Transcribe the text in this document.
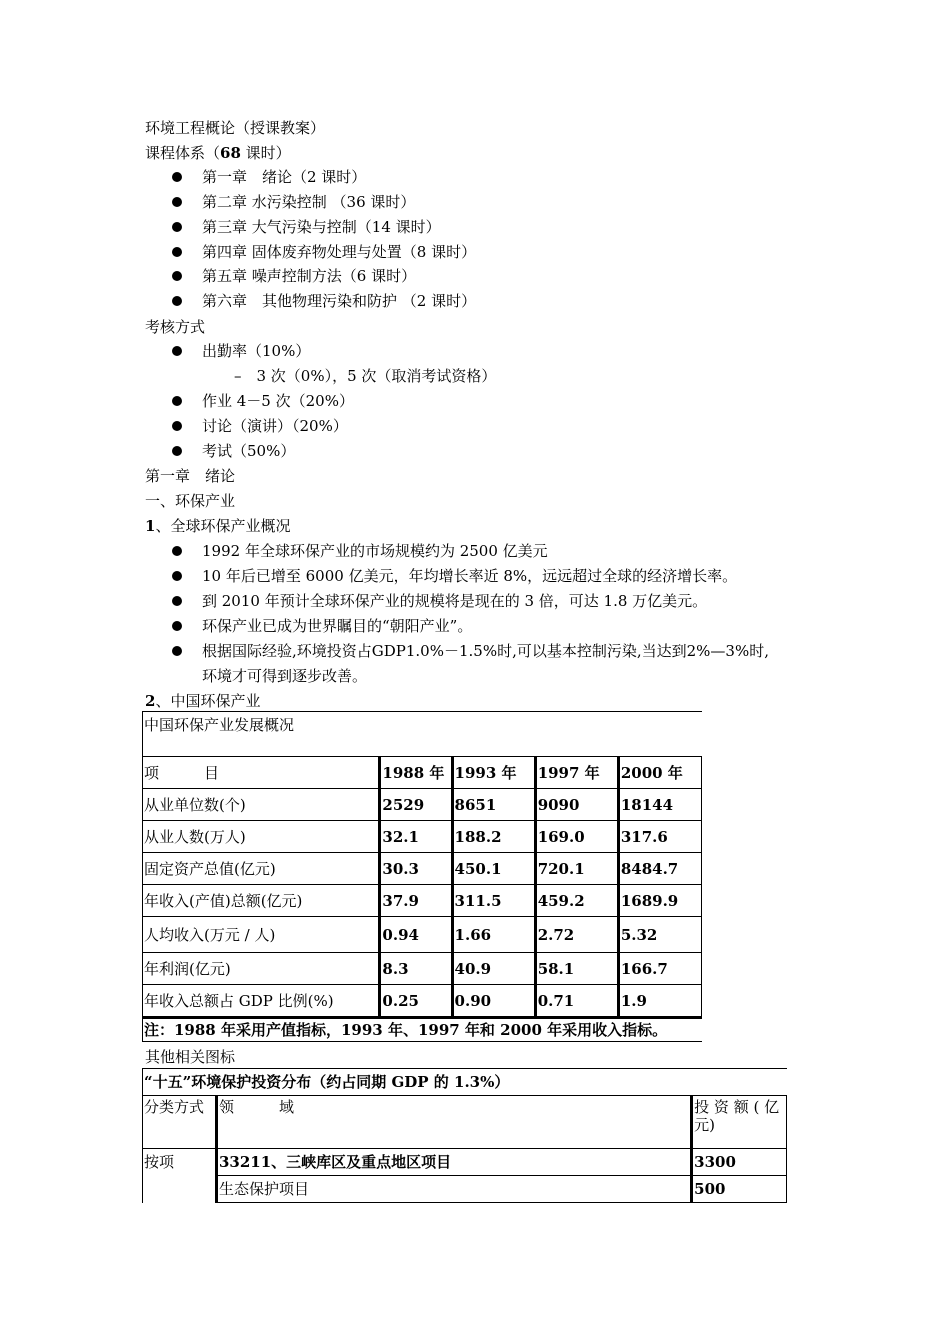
环境工程概论（授课教案）
课程体系（68 课时）
第一章　绪论（2 课时）
第二章 水污染控制 （36 课时）
第三章 大气污染与控制（14 课时）
第四章 固体废弃物处理与处置（8 课时）
第五章 噪声控制方法（6 课时）
第六章　其他物理污染和防护 （2 课时）
考核方式
出勤率（10%）
–　3 次（0%），5 次（取消考试资格）
作业 4－5 次（20%）
讨论（演讲）（20%）
考试（50%）
第一章　绪论
一、环保产业
1、全球环保产业概况
1992 年全球环保产业的市场规模约为 2500 亿美元
10 年后已增至 6000 亿美元，年均增长率近 8%，远远超过全球的经济增长率。
到 2010 年预计全球环保产业的规模将是现在的 3 倍，可达 1.8 万亿美元。
环保产业已成为世界瞩目的“朝阳产业”。
根据国际经验,环境投资占GDP1.0%－1.5%时,可以基本控制污染,当达到2%—3%时,
环境才可得到逐步改善。
2、中国环保产业
中国环保产业发展概况				

项　　　目	1988 年	1993 年	1997 年	2000 年
从业单位数(个)	2529	8651	9090	18144
从业人数(万人)	32.1	188.2	169.0	317.6
固定资产总值(亿元)	30.3	450.1	720.1	8484.7
年收入(产值)总额(亿元)	37.9	311.5	459.2	1689.9
人均收入(万元 / 人)	0.94	1.66	2.72	5.32
年利润(亿元)	8.3	40.9	58.1	166.7
年收入总额占 GDP 比例(%)	0.25	0.90	0.71	1.9
注：1988 年采用产值指标，1993 年、1997 年和 2000 年采用收入指标。				
其他相关图标
“十五”环境保护投资分布（约占同期 GDP 的 1.3%）		
分类方式	领　　　域	投 资 额 ( 亿元)
按项	33211、三峡库区及重点地区项目	3300
	生态保护项目	500
